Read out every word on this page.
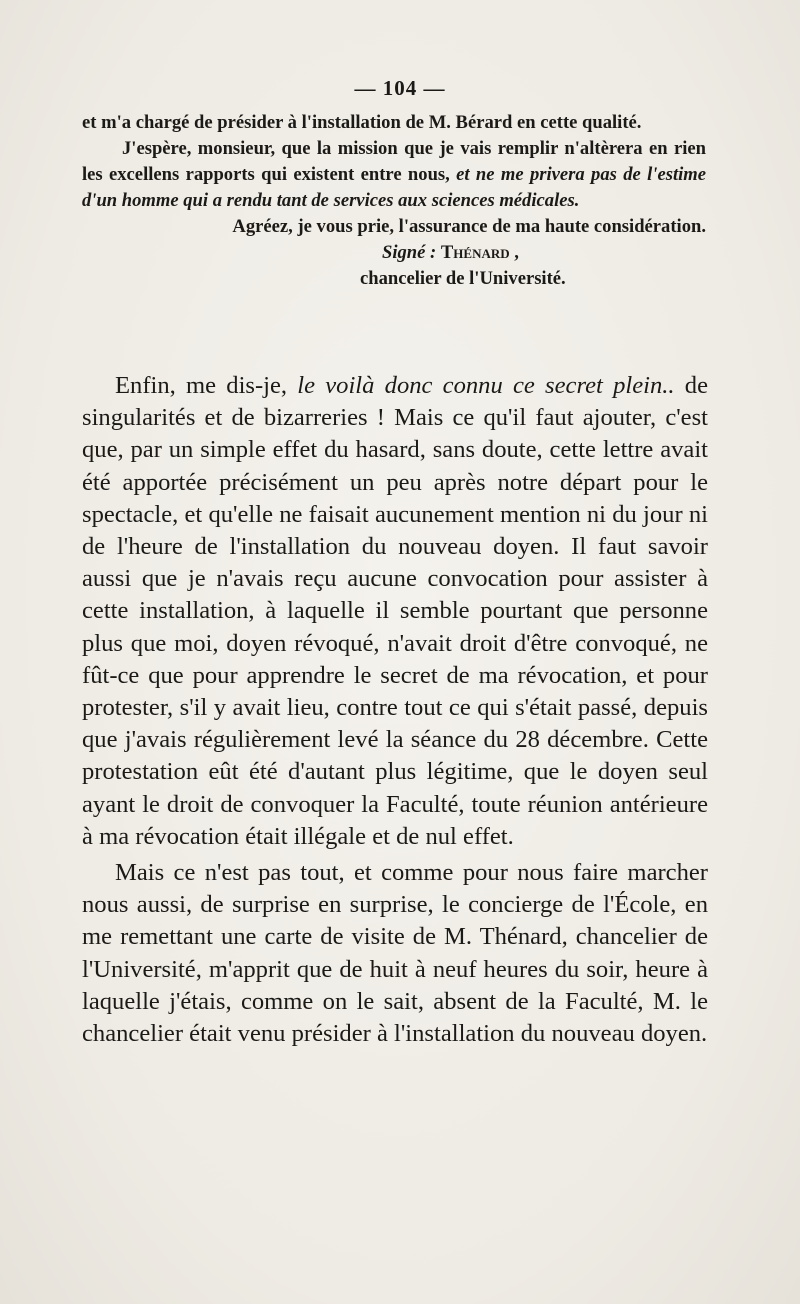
— 104 —

et m'a chargé de présider à l'installation de M. Bérard en cette qualité.

J'espère, monsieur, que la mission que je vais remplir n'altèrera en rien les excellens rapports qui existent entre nous, et ne me privera pas de l'estime d'un homme qui a rendu tant de services aux sciences médicales.

Agréez, je vous prie, l'assurance de ma haute considération.

Signé : Thénard ,

chancelier de l'Université.

Enfin, me dis-je, le voilà donc connu ce secret plein.. de singularités et de bizarreries ! Mais ce qu'il faut ajouter, c'est que, par un simple effet du hasard, sans doute, cette lettre avait été apportée précisément un peu après notre départ pour le spectacle, et qu'elle ne faisait aucunement mention ni du jour ni de l'heure de l'installation du nouveau doyen. Il faut savoir aussi que je n'avais reçu aucune convocation pour assister à cette installation, à laquelle il semble pourtant que personne plus que moi, doyen révoqué, n'avait droit d'être convoqué, ne fût-ce que pour apprendre le secret de ma révocation, et pour protester, s'il y avait lieu, contre tout ce qui s'était passé, depuis que j'avais régulièrement levé la séance du 28 décembre. Cette protestation eût été d'autant plus légitime, que le doyen seul ayant le droit de convoquer la Faculté, toute réunion antérieure à ma révocation était illégale et de nul effet.

Mais ce n'est pas tout, et comme pour nous faire marcher nous aussi, de surprise en surprise, le concierge de l'École, en me remettant une carte de visite de M. Thénard, chancelier de l'Université, m'apprit que de huit à neuf heures du soir, heure à laquelle j'étais, comme on le sait, absent de la Faculté, M. le chancelier était venu présider à l'installation du nouveau doyen.
